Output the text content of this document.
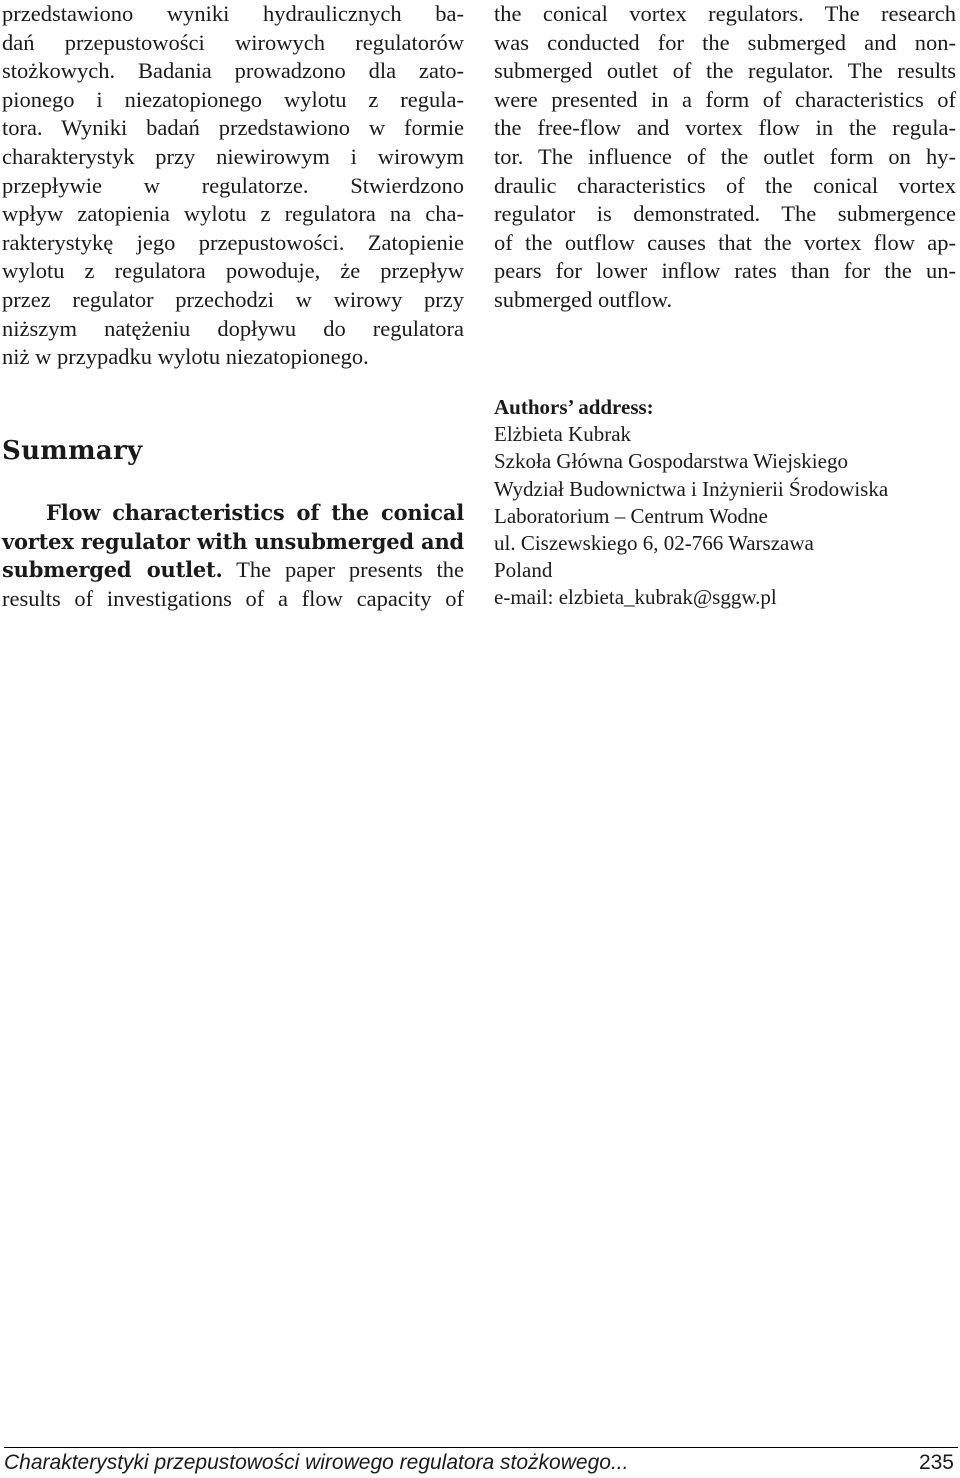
przedstawiono wyniki hydraulicznych ba-
dań przepustowości wirowych regulatorów
stożkowych. Badania prowadzono dla zato-
pionego i niezatopionego wylotu z regula-
tora. Wyniki badań przedstawiono w formie
charakterystyk przy niewirowym i wirowym
przepływie w regulatorze. Stwierdzono
wpływ zatopienia wylotu z regulatora na cha-
rakterystykę jego przepustowości. Zatopienie
wylotu z regulatora powoduje, że przepływ
przez regulator przechodzi w wirowy przy
niższym natężeniu dopływu do regulatora
niż w przypadku wylotu niezatopionego.
Summary
Flow characteristics of the conical
vortex regulator with unsubmerged and
submerged outlet. The paper presents the
results of investigations of a flow capacity of
the conical vortex regulators. The research
was conducted for the submerged and non-
submerged outlet of the regulator. The results
were presented in a form of characteristics of
the free-flow and vortex flow in the regula-
tor. The influence of the outlet form on hy-
draulic characteristics of the conical vortex
regulator is demonstrated. The submergence
of the outflow causes that the vortex flow ap-
pears for lower inflow rates than for the un-
submerged outflow.
Authors’ address:
Elżbieta Kubrak
Szkoła Główna Gospodarstwa Wiejskiego
Wydział Budownictwa i Inżynierii Środowiska
Laboratorium – Centrum Wodne
ul. Ciszewskiego 6, 02-766 Warszawa
Poland
e-mail: elzbieta_kubrak@sggw.pl
Charakterystyki przepustowości wirowego regulatora stożkowego...	235
